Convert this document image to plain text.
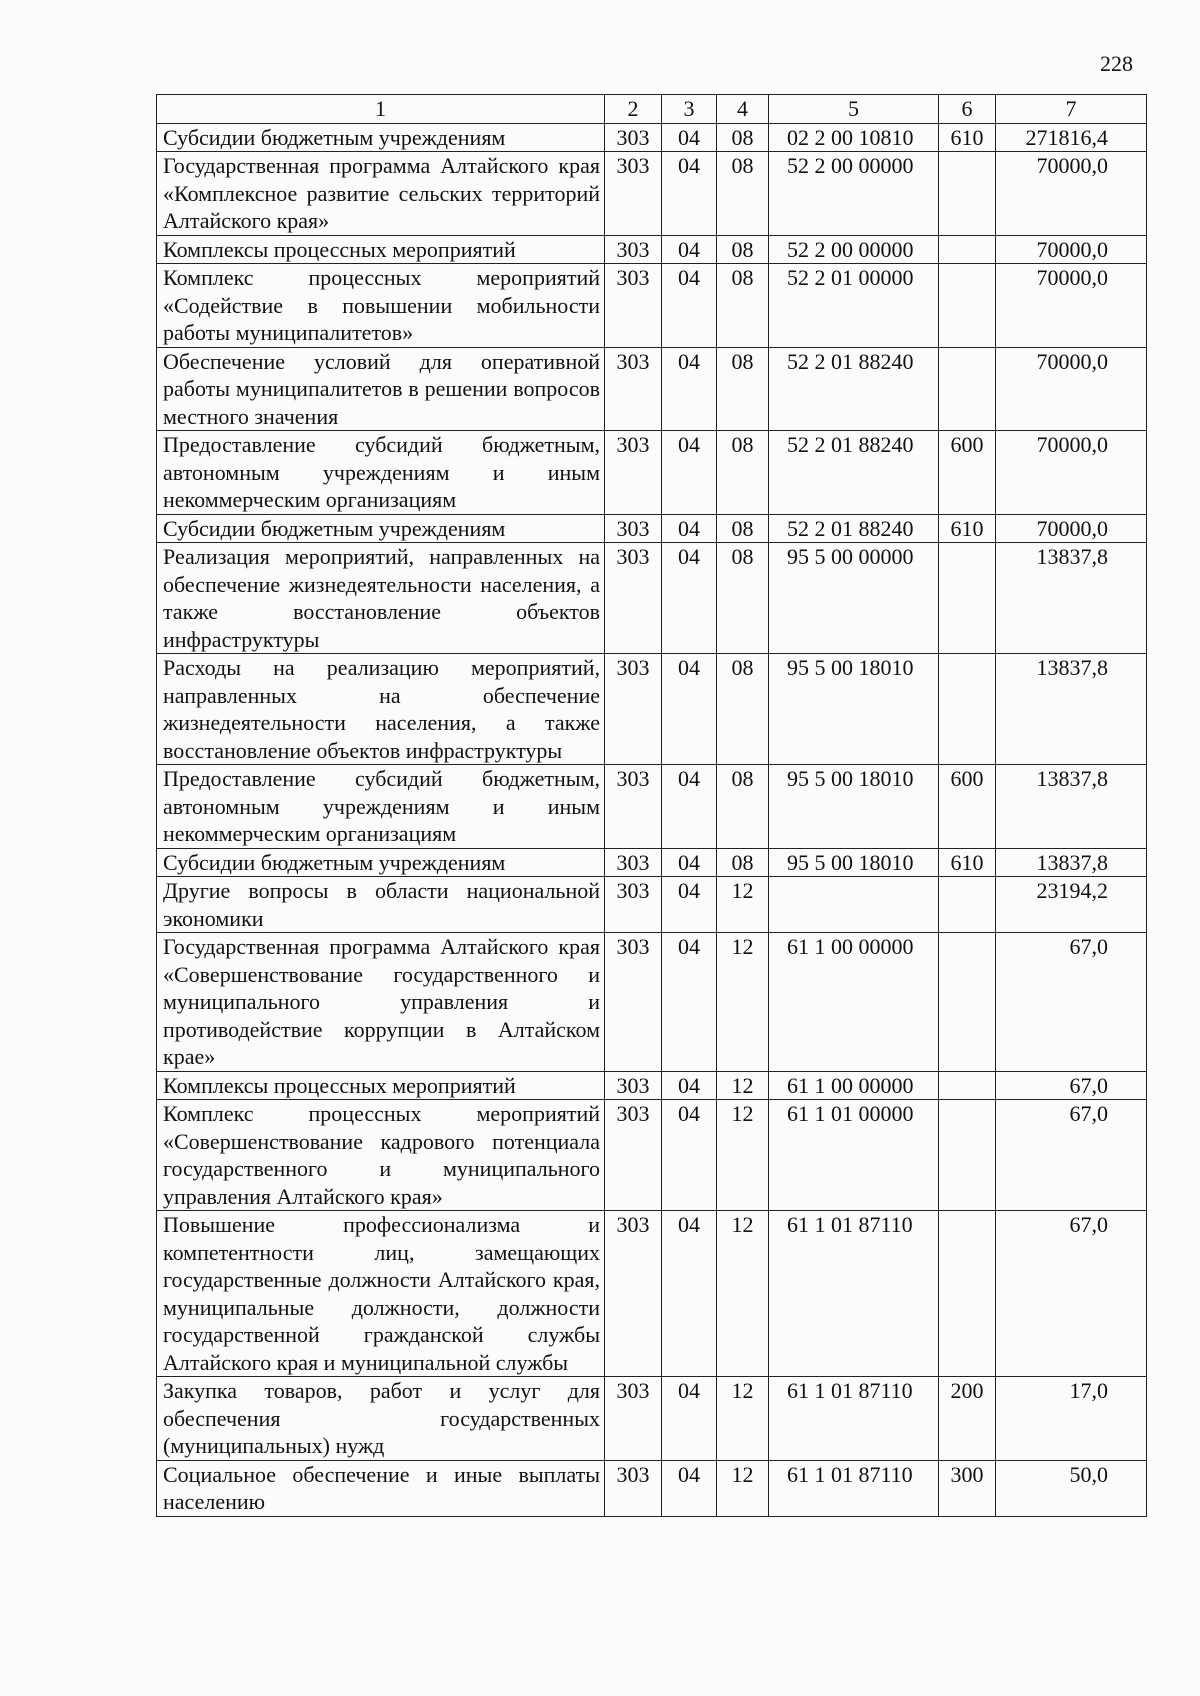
228
1	2	3	4	5	6	7
Субсидии бюджетным учреждениям	303	04	08	02 2 00 10810	610	271816,4
Государственная программа Алтайского края «Комплексное развитие сельских территорий Алтайского края»	303	04	08	52 2 00 00000		70000,0
Комплексы процессных мероприятий	303	04	08	52 2 00 00000		70000,0
Комплекс процессных мероприятий «Содействие в повышении мобильности работы муниципалитетов»	303	04	08	52 2 01 00000		70000,0
Обеспечение условий для оперативной работы муниципалитетов в решении вопросов местного значения	303	04	08	52 2 01 88240		70000,0
Предоставление субсидий бюджетным, автономным учреждениям и иным некоммерческим организациям	303	04	08	52 2 01 88240	600	70000,0
Субсидии бюджетным учреждениям	303	04	08	52 2 01 88240	610	70000,0
Реализация мероприятий, направленных на обеспечение жизнедеятельности населения, а также восстановление объектов инфраструктуры	303	04	08	95 5 00 00000		13837,8
Расходы на реализацию мероприятий, направленных на обеспечение жизнедеятельности населения, а также восстановление объектов инфраструктуры	303	04	08	95 5 00 18010		13837,8
Предоставление субсидий бюджетным, автономным учреждениям и иным некоммерческим организациям	303	04	08	95 5 00 18010	600	13837,8
Субсидии бюджетным учреждениям	303	04	08	95 5 00 18010	610	13837,8
Другие вопросы в области национальной экономики	303	04	12			23194,2
Государственная программа Алтайского края «Совершенствование государственного и муниципального управления и противодействие коррупции в Алтайском крае»	303	04	12	61 1 00 00000		67,0
Комплексы процессных мероприятий	303	04	12	61 1 00 00000		67,0
Комплекс процессных мероприятий «Совершенствование кадрового потенциала государственного и муниципального управления Алтайского края»	303	04	12	61 1 01 00000		67,0
Повышение профессионализма и компетентности лиц, замещающих государственные должности Алтайского края, муниципальные должности, должности государственной гражданской службы Алтайского края и муниципальной службы	303	04	12	61 1 01 87110		67,0
Закупка товаров, работ и услуг для обеспечения государственных (муниципальных) нужд	303	04	12	61 1 01 87110	200	17,0
Социальное обеспечение и иные выплаты населению	303	04	12	61 1 01 87110	300	50,0
